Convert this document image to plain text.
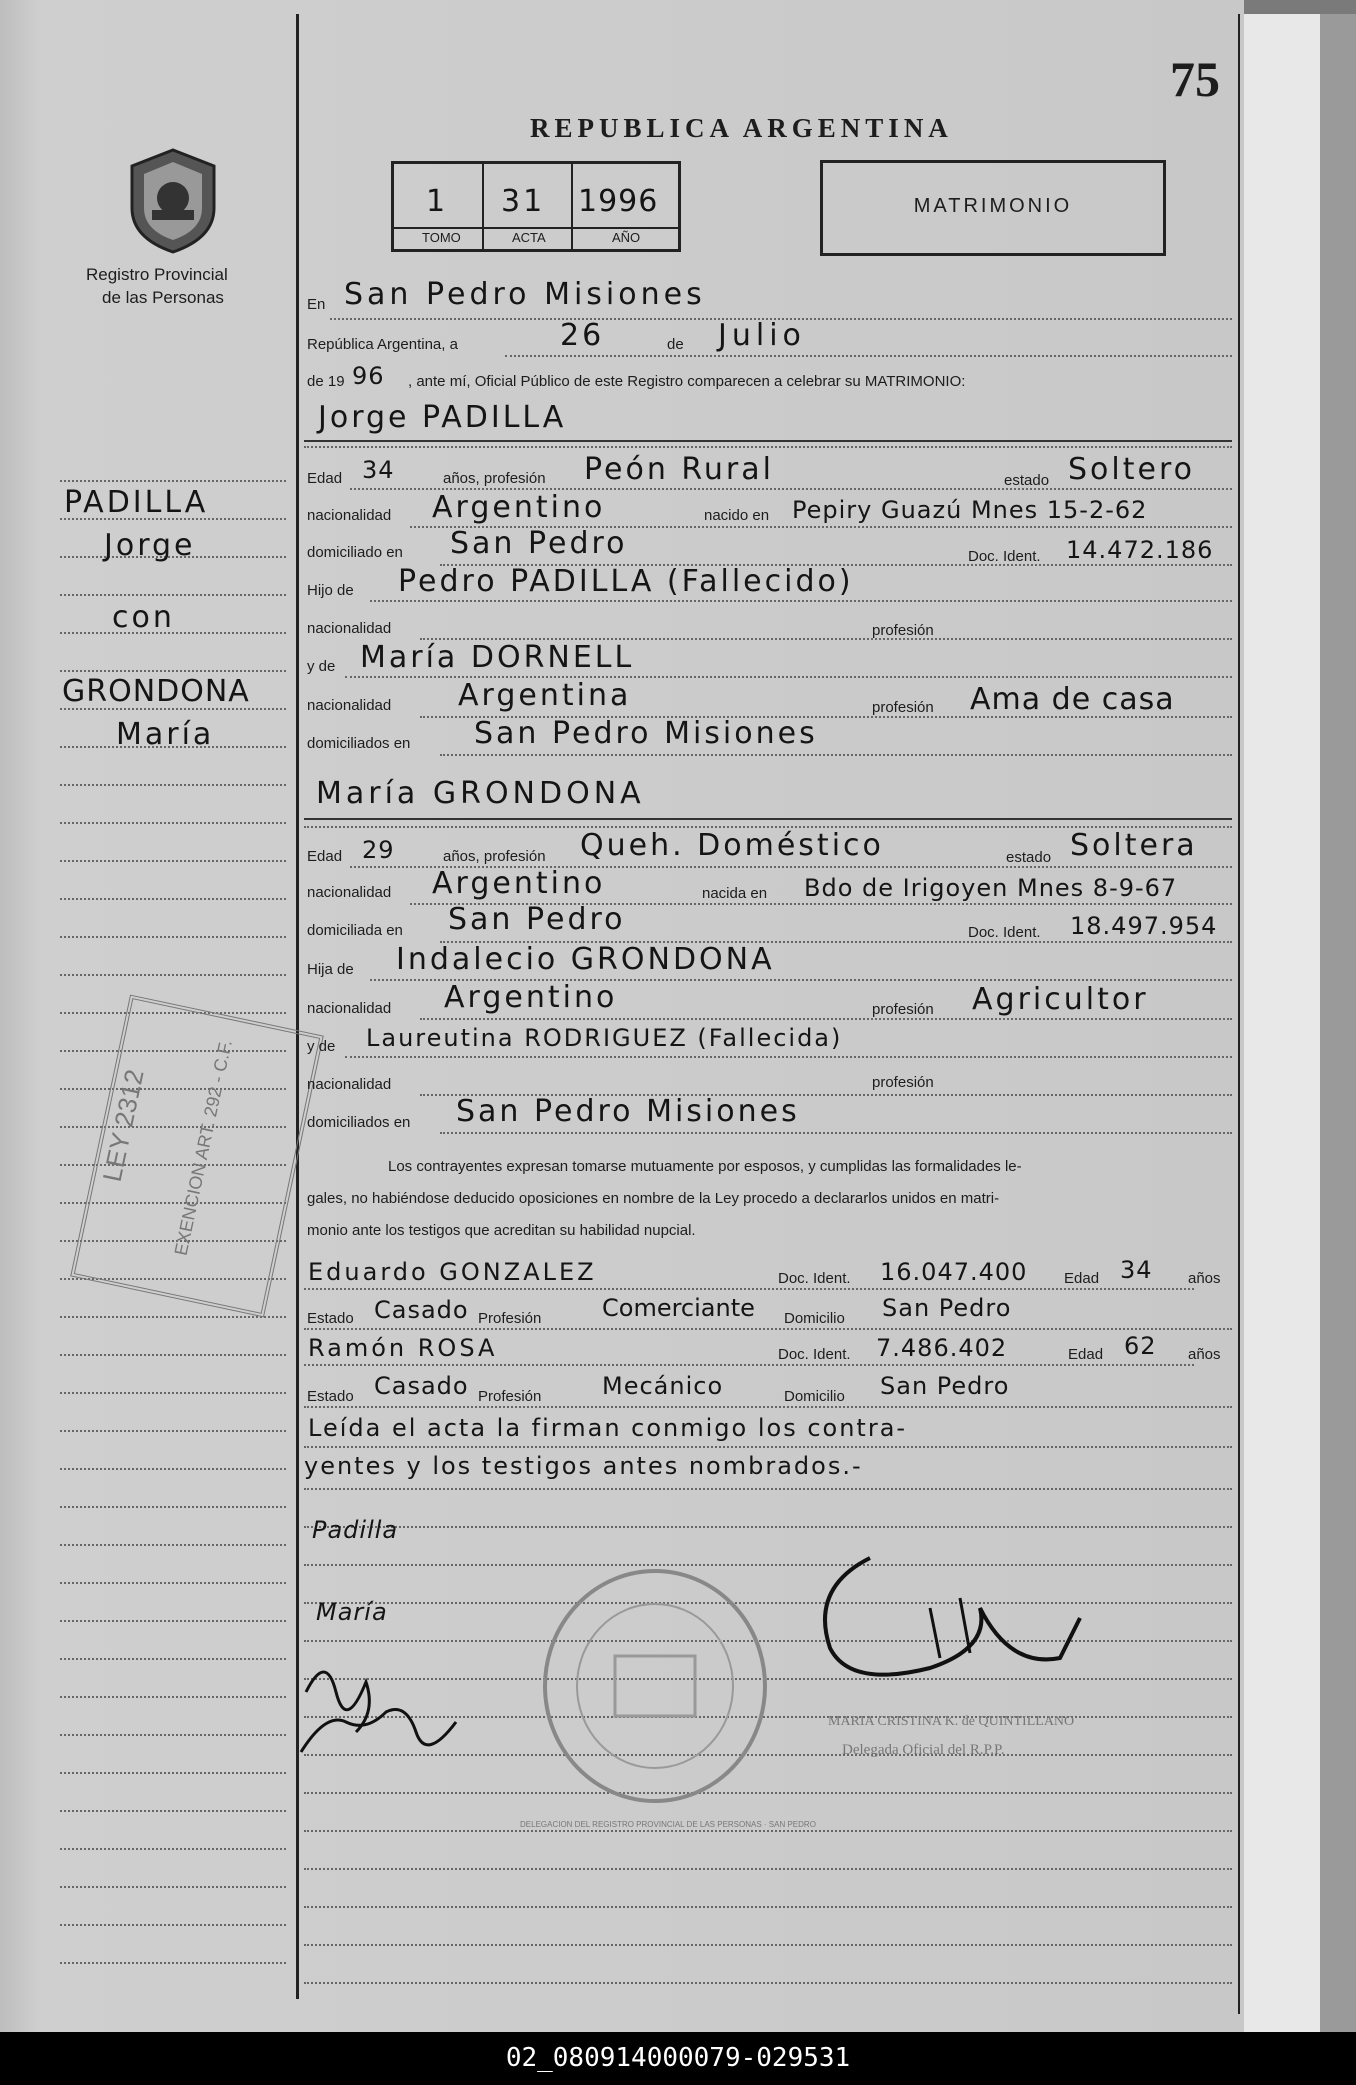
75
REPUBLICA ARGENTINA
MATRIMONIO
1 31 1996
TOMO	ACTA	AÑO
Registro Provincial
de las Personas
PADILLA
Jorge
con
GRONDONA
María
LEY 2312 EXENCION ART. 292 - C.F.
En San Pedro Misiones
República Argentina, a	26	de Julio
de 19 96 , ante mí, Oficial Público de este Registro comparecen a celebrar su MATRIMONIO:
Jorge PADILLA
Edad 34	años, profesión Peón Rural	estado Soltero
nacionalidad Argentino	nacido en Pepiry Guazú Mnes 15-2-62
domiciliado en San Pedro	Doc. Ident. 14.472.186
Hijo de Pedro PADILLA (Fallecido)
nacionalidad	profesión
y de María DORNELL
nacionalidad Argentina	profesión Ama de casa
domiciliados en San Pedro Misiones
María GRONDONA
Edad 29	años, profesión Queh. Doméstico	estado Soltera
nacionalidad Argentino	nacida en Bdo de Irigoyen Mnes 8-9-67
domiciliada en San Pedro	Doc. Ident. 18.497.954
Hija de Indalecio GRONDONA
nacionalidad Argentino	profesión Agricultor
y de Laureutina RODRIGUEZ (Fallecida)
nacionalidad	profesión
domiciliados en San Pedro Misiones
Los contrayentes expresan tomarse mutuamente por esposos, y cumplidas las formalidades le-
gales, no habiéndose deducido oposiciones en nombre de la Ley procedo a declararlos unidos en matri-
monio ante los testigos que acreditan su habilidad nupcial.
Eduardo GONZALEZ	Doc. Ident. 16.047.400 Edad 34 años
Estado Casado Profesión	Comerciante Domicilio San Pedro
Ramón ROSA	Doc. Ident. 7.486.402	Edad 62 años
Estado Casado Profesión	Mecánico	Domicilio San Pedro
Leída el acta la firman conmigo los contra-
yentes y los testigos antes nombrados.-
Padilla
María
DELEGACION DEL REGISTRO PROVINCIAL DE LAS PERSONAS · SAN PEDRO
MARIA CRISTINA K. de QUINTILLANO
Delegada Oficial del R.P.P.
02_080914000079-029531
